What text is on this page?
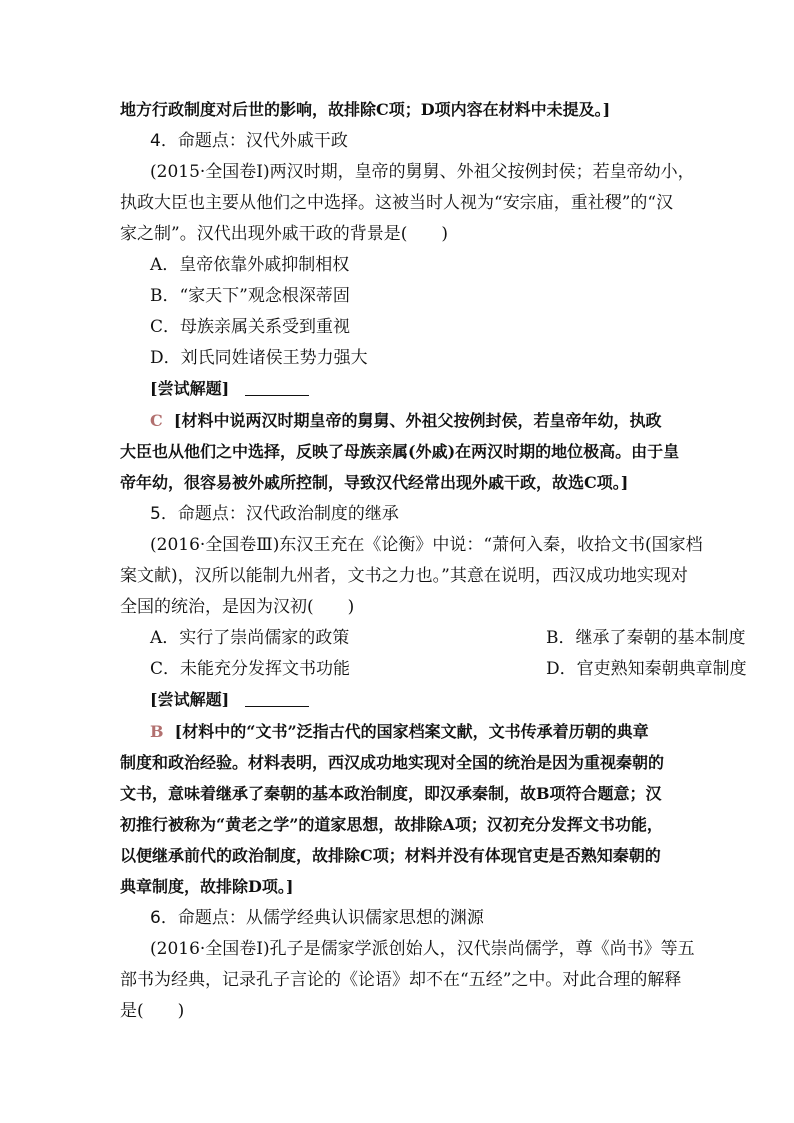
地方行政制度对后世的影响，故排除C项；D项内容在材料中未提及。]
4．命题点：汉代外戚干政
(2015·全国卷Ⅰ)两汉时期，皇帝的舅舅、外祖父按例封侯；若皇帝幼小，
执政大臣也主要从他们之中选择。这被当时人视为“安宗庙，重社稷”的“汉
家之制”。汉代出现外戚干政的背景是(　　)
A．皇帝依靠外戚抑制相权
B．“家天下”观念根深蒂固
C．母族亲属关系受到重视
D．刘氏同姓诸侯王势力强大
[尝试解题]
C [材料中说两汉时期皇帝的舅舅、外祖父按例封侯，若皇帝年幼，执政
大臣也从他们之中选择，反映了母族亲属(外戚)在两汉时期的地位极高。由于皇
帝年幼，很容易被外戚所控制，导致汉代经常出现外戚干政，故选C项。]
5．命题点：汉代政治制度的继承
(2016·全国卷Ⅲ)东汉王充在《论衡》中说：“萧何入秦，收拾文书(国家档
案文献)，汉所以能制九州者，文书之力也。”其意在说明，西汉成功地实现对
全国的统治，是因为汉初(　　)
A．实行了崇尚儒家的政策	B．继承了秦朝的基本制度
C．未能充分发挥文书功能	D．官吏熟知秦朝典章制度
[尝试解题]
B [材料中的“文书”泛指古代的国家档案文献，文书传承着历朝的典章
制度和政治经验。材料表明，西汉成功地实现对全国的统治是因为重视秦朝的
文书，意味着继承了秦朝的基本政治制度，即汉承秦制，故B项符合题意；汉
初推行被称为“黄老之学”的道家思想，故排除A项；汉初充分发挥文书功能，
以便继承前代的政治制度，故排除C项；材料并没有体现官吏是否熟知秦朝的
典章制度，故排除D项。]
6．命题点：从儒学经典认识儒家思想的渊源
(2016·全国卷Ⅰ)孔子是儒家学派创始人，汉代崇尚儒学，尊《尚书》等五
部书为经典，记录孔子言论的《论语》却不在“五经”之中。对此合理的解释
是(　　)
